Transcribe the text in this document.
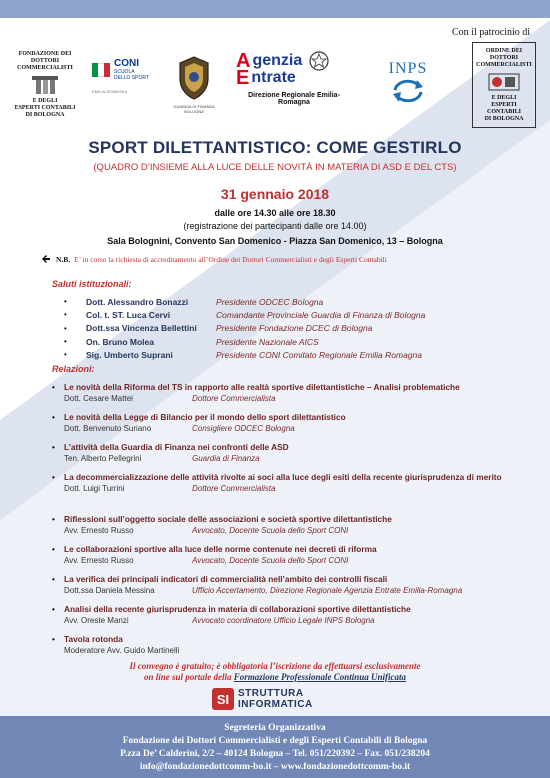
Con il patrocinio di
FONDAZIONE DEI
DOTTORI
COMMERCIALISTI
E DEGLI
ESPERTI CONTABILI
DI BOLOGNA
CONI
SCUOLA
DELLO SPORT
EMILIA-ROMAGNA
GUARDIA DI FINANZA BOLOGNA
A genzia
E ntrate
Direzione Regionale Emilia-Romagna
INPS
ORDINE DEI DOTTORI
COMMERCIALISTI
E DEGLI
ESPERTI CONTABILI
DI BOLOGNA
SPORT DILETTANTISTICO: COME GESTIRLO
(QUADRO D’INSIEME ALLA LUCE DELLE NOVITÀ IN MATERIA DI ASD E DEL CTS)
31 gennaio 2018
dalle ore 14.30 alle ore 18.30
(registrazione dei partecipanti dalle ore 14.00)
Sala Bolognini, Convento San Domenico - Piazza San Domenico, 13 – Bologna
N.B. E’ in corso la richiesta di accreditamento all’Ordine dei Dottori Commercialisti e degli Esperti Contabili
Saluti istituzionali:
•	Dott. Alessandro Bonazzi	Presidente ODCEC Bologna
•	Col. t. ST. Luca Cervi	Comandante Provinciale Guardia di Finanza di Bologna
•	Dott.ssa Vincenza Bellettini	Presidente Fondazione DCEC di Bologna
•	On. Bruno Molea	Presidente Nazionale AICS
•	Sig. Umberto Suprani	Presidente CONI Comitato Regionale Emilia Romagna
Relazioni:
•	Le novità della Riforma del TS in rapporto alle realtà sportive dilettantistiche – Analisi problematiche
Dott. Cesare Mattei	Dottore Commercialista
•	Le novità della Legge di Bilancio per il mondo dello sport dilettantistico
Dott. Benvenuto Suriano	Consigliere ODCEC Bologna
•	L’attività della Guardia di Finanza nei confronti delle ASD
Ten. Alberto Pellegrini	Guardia di Finanza
•	La decommercializzazione delle attività rivolte ai soci alla luce degli esiti della recente giurisprudenza di merito
Dott. Luigi Turrini	Dottore Commercialista
•	Riflessioni sull’oggetto sociale delle associazioni e società sportive dilettantistiche
Avv. Ernesto Russo	Avvocato, Docente Scuola dello Sport CONI
•	Le collaborazioni sportive alla luce delle norme contenute nei decreti di riforma
Avv. Ernesto Russo	Avvocato, Docente Scuola dello Sport CONI
•	La verifica dei principali indicatori di commercialità nell’ambito dei controlli fiscali
Dott.ssa Daniela Messina	Ufficio Accertamento, Direzione Regionale Agenzia Entrate Emilia-Romagna
•	Analisi della recente giurisprudenza in materia di collaborazioni sportive dilettantistiche
Avv. Oreste Manzi	Avvocato coordinatore Ufficio Legale INPS Bologna
•	Tavola rotonda
Moderatore Avv. Guido Martinelli
Il convegno è gratuito; è obbligatoria l’iscrizione da effettuarsi esclusivamente
on line sul portale della Formazione Professionale Continua Unificata
SI STRUTTURA
INFORMATICA
Segreteria Organizzativa
Fondazione dei Dottori Commercialisti e degli Esperti Contabili di Bologna
P.zza De’ Calderini, 2/2 – 40124 Bologna – Tel. 051/220392 – Fax. 051/238204
info@fondazionedottcomm-bo.it – www.fondazionedottcomm-bo.it
